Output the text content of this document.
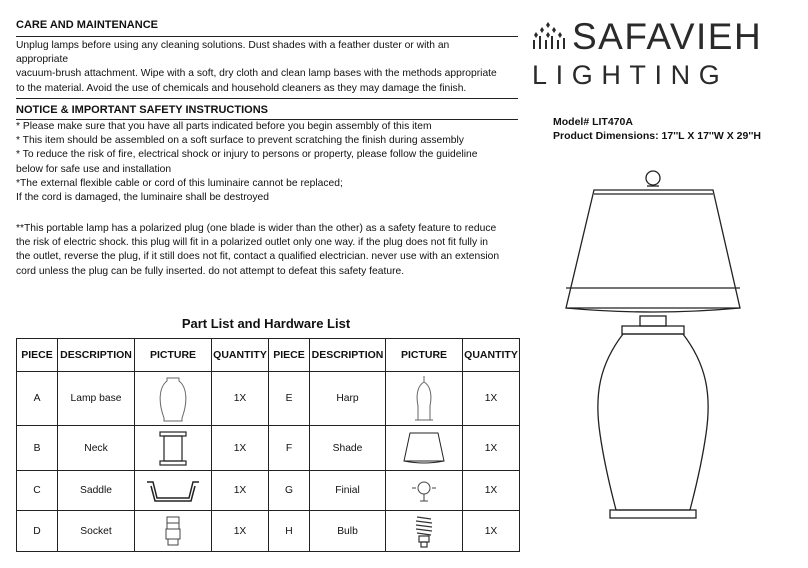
CARE AND MAINTENANCE
Unplug lamps before using any cleaning solutions. Dust shades with a feather duster or with an
appropriate
vacuum-brush attachment. Wipe with a soft, dry cloth and clean lamp bases with the methods appropriate
to the material. Avoid the use of chemicals and household cleaners as they may damage the finish.
NOTICE & IMPORTANT SAFETY INSTRUCTIONS
* Please make sure that you have all parts indicated before you begin assembly of this item
* This item should be assembled on a soft surface to prevent scratching the finish during assembly
* To reduce the risk of fire, electrical shock or injury to persons or property, please follow the guideline
below for safe use and installation
*The external flexible cable or cord of this luminaire cannot be replaced;
If the cord is damaged, the luminaire shall be destroyed
**This portable lamp has a polarized plug (one blade is wider than the other) as a safety feature to reduce
the risk of electric shock. this plug will fit in a polarized outlet only one way. if the plug does not fit fully in
the outlet, reverse the plug, if it still does not fit, contact a qualified electrician. never use with an extension
cord unless the plug can be fully inserted. do not attempt to defeat this safety feature.
SAFAVIEH
LIGHTING
Model# LIT470A
Product Dimensions: 17''L X 17''W X 29''H
Part List and Hardware List
PIECE	DESCRIPTION	PICTURE	QUANTITY	PIECE	DESCRIPTION	PICTURE	QUANTITY
A	Lamp base		1X	E	Harp		1X
B	Neck		1X	F	Shade		1X
C	Saddle		1X	G	Finial		1X
D	Socket		1X	H	Bulb		1X
